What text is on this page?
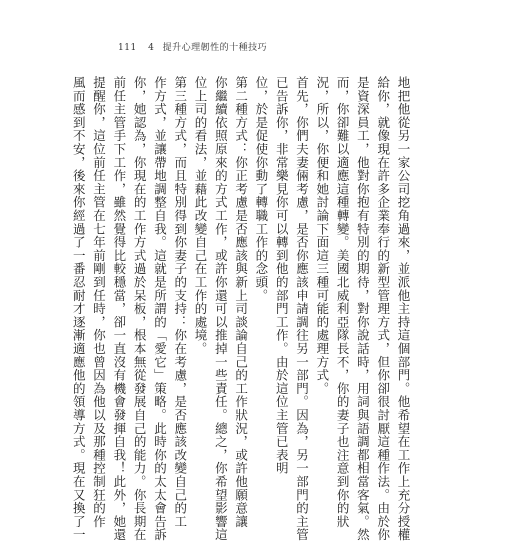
111 4 提升心理韌性的十種技巧
地把他從另一家公司挖角過來，並派他主持這個部門。他希望在工作上充分授權
給你，就像現在許多企業奉行的新型管理方式，但你卻很討厭這種作法。由於你
是資深員工，他對你抱有特別的期待，對你說話時，用詞與語調都相當客氣。然
而，你卻難以適應這種轉變。美國北威利亞隊長不，你的妻子也注意到你的狀
況，所以，你便和她討論下面這三種可能的處理方式。
首先，你們夫妻倆考慮，是否你應該申請調往另一部門。因為，另一部門的主管
已告訴你，非常樂見你可以轉到他的部門工作。由於這位主管已表明
位，於是促使你動了轉職工作的念頭。
第二種方式：你正考慮是否應該與新上司談論自己的工作狀況，或許他願意讓
你繼續依照原來的方式工作，或許你還可以推掉一些責任。總之，你希望影響這
位上司的看法，並藉此改變自己在工作的處境。
第三種方式，而且特別得到你妻子的支持：你在考慮，是否應該改變自己的工
作方式，並讓帶地調整自我。這就是所謂的「愛它」策略。此時你的太太會告訴
你，她認為，你現在的工作方式過於呆板，根本無從發展自己的能力。你長期在
前任主管手下工作，雖然覺得比較穩當，卻一直沒有機會發揮自我！此外，她還
提醒你，這位前任主管在七年前剛到任時，你也曾因為他以及那種控制狂的作
風而感到不安，後來你經過了一番忍耐才逐漸適應他的領導方式。現在又換了一
